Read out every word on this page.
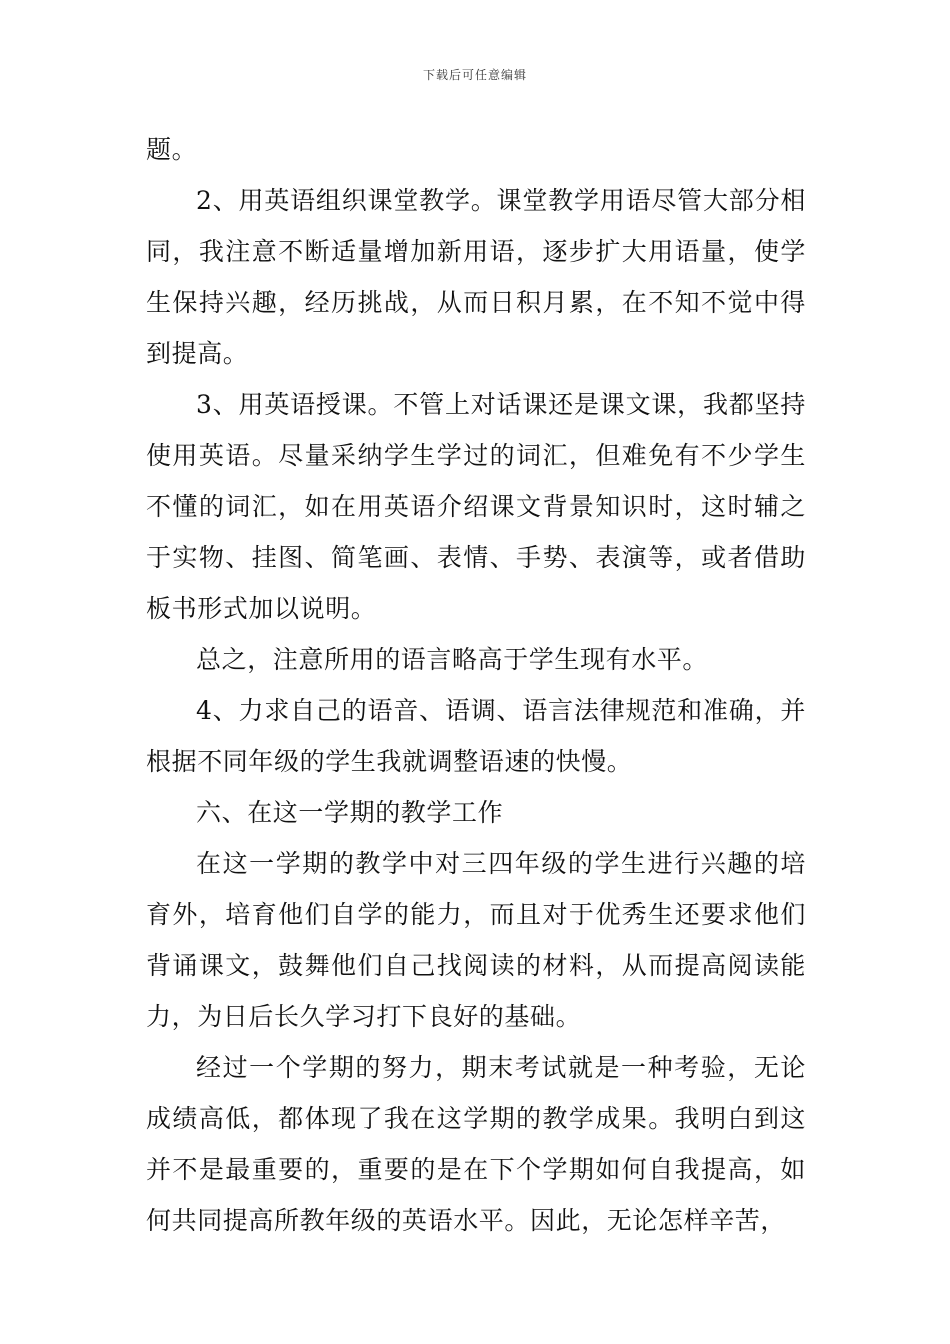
下载后可任意编辑

题。

2、用英语组织课堂教学。课堂教学用语尽管大部分相同，我注意不断适量增加新用语，逐步扩大用语量，使学生保持兴趣，经历挑战，从而日积月累，在不知不觉中得到提高。

3、用英语授课。不管上对话课还是课文课，我都坚持使用英语。尽量采纳学生学过的词汇，但难免有不少学生不懂的词汇，如在用英语介绍课文背景知识时，这时辅之于实物、挂图、简笔画、表情、手势、表演等，或者借助板书形式加以说明。

总之，注意所用的语言略高于学生现有水平。

4、力求自己的语音、语调、语言法律规范和准确，并根据不同年级的学生我就调整语速的快慢。

六、在这一学期的教学工作

在这一学期的教学中对三四年级的学生进行兴趣的培育外，培育他们自学的能力，而且对于优秀生还要求他们背诵课文，鼓舞他们自己找阅读的材料，从而提高阅读能力，为日后长久学习打下良好的基础。

经过一个学期的努力，期末考试就是一种考验，无论成绩高低，都体现了我在这学期的教学成果。我明白到这并不是最重要的，重要的是在下个学期如何自我提高，如何共同提高所教年级的英语水平。因此，无论怎样辛苦，
